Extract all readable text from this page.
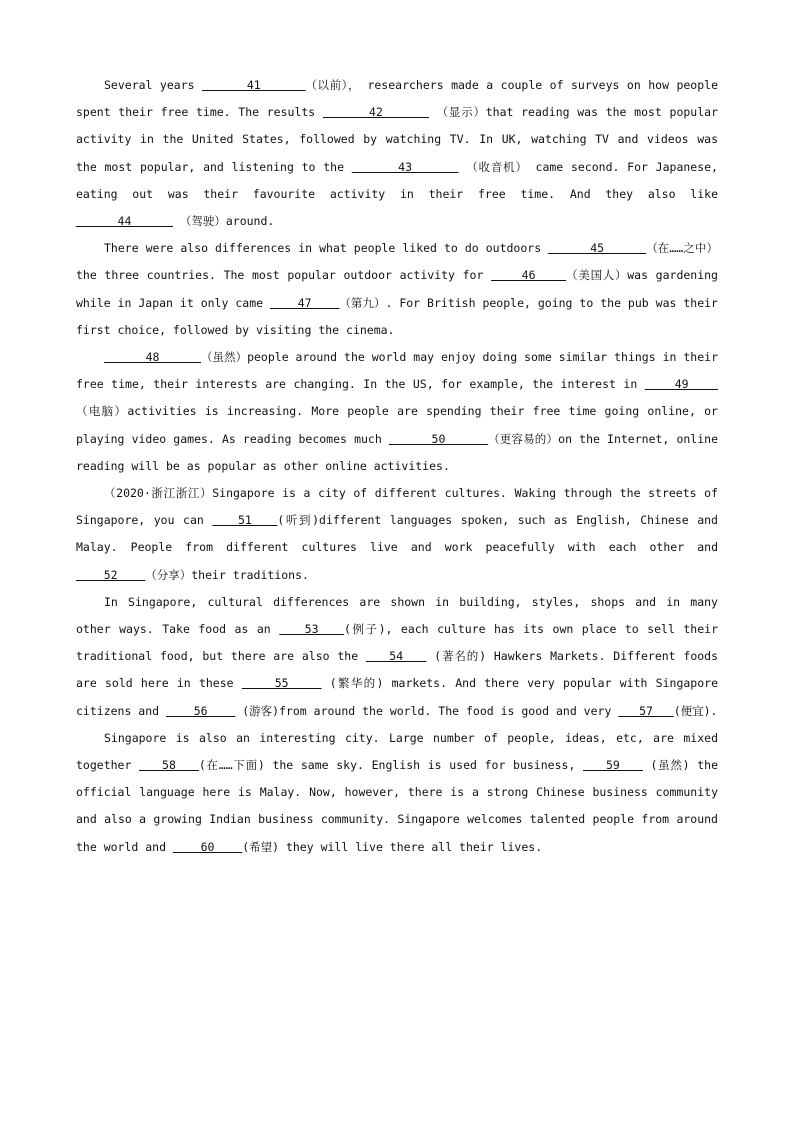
Several years       41      （以前）， researchers made a couple of surveys on how people spent their free time. The results       42       （显示）that reading was the most popular activity in the United States, followed by watching TV. In UK, watching TV and videos was the most popular, and listening to the       43       （收音机） came second. For Japanese, eating out was their favourite activity in their free time. And they also like       44       （驾驶）around.

There were also differences in what people liked to do outdoors       45      （在……之中）the three countries. The most popular outdoor activity for     46    （美国人）was gardening while in Japan it only came     47    （第九）. For British people, going to the pub was their first choice, followed by visiting the cinema.

48      （虽然）people around the world may enjoy doing some similar things in their free time, their interests are changing. In the US, for example, the interest in     49     （电脑）activities is increasing. More people are spending their free time going online, or playing video games. As reading becomes much       50      （更容易的）on the Internet, online reading will be as popular as other online activities.

（2020·浙江浙江）Singapore is a city of different cultures. Waking through the streets of Singapore, you can    51   (听到)different languages spoken, such as English, Chinese and Malay. People from different cultures live and work peacefully with each other and    52    （分享）their traditions.

In Singapore, cultural differences are shown in building, styles, shops and in many other ways. Take food as an    53   (例子), each culture has its own place to sell their traditional food, but there are also the    54    (著名的) Hawkers Markets. Different foods are sold here in these     55     (繁华的) markets. And there very popular with Singapore citizens and     56     (游客)from around the world. The food is good and very    57   (便宜).

Singapore is also an interesting city. Large number of people, ideas, etc, are mixed together    58   (在……下面) the same sky. English is used for business,    59    (虽然) the official language here is Malay. Now, however, there is a strong Chinese business community and also a growing Indian business community. Singapore welcomes talented people from around the world and     60    (希望) they will live there all their lives.
